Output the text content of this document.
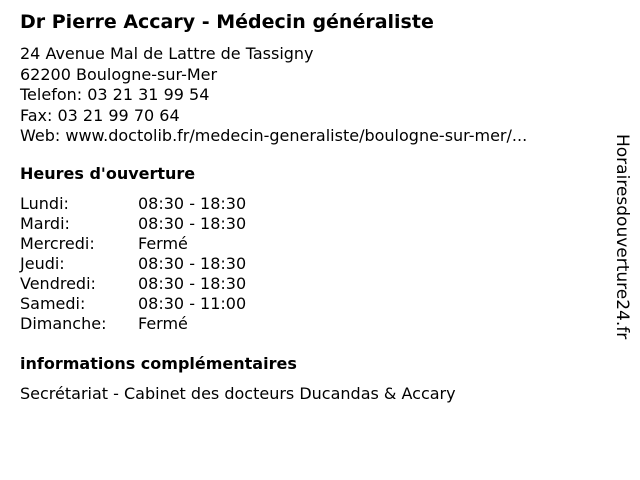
Dr Pierre Accary - Médecin généraliste
24 Avenue Mal de Lattre de Tassigny
62200 Boulogne-sur-Mer
Telefon: 03 21 31 99 54
Fax: 03 21 99 70 64
Web: www.doctolib.fr/medecin-generaliste/boulogne-sur-mer/...
Heures d'ouverture
Lundi:	08:30 - 18:30
Mardi:	08:30 - 18:30
Mercredi:	Fermé
Jeudi:	08:30 - 18:30
Vendredi:	08:30 - 18:30
Samedi:	08:30 - 11:00
Dimanche:	Fermé
informations complémentaires
Secrétariat - Cabinet des docteurs Ducandas & Accary
Horairesdouverture24.fr
